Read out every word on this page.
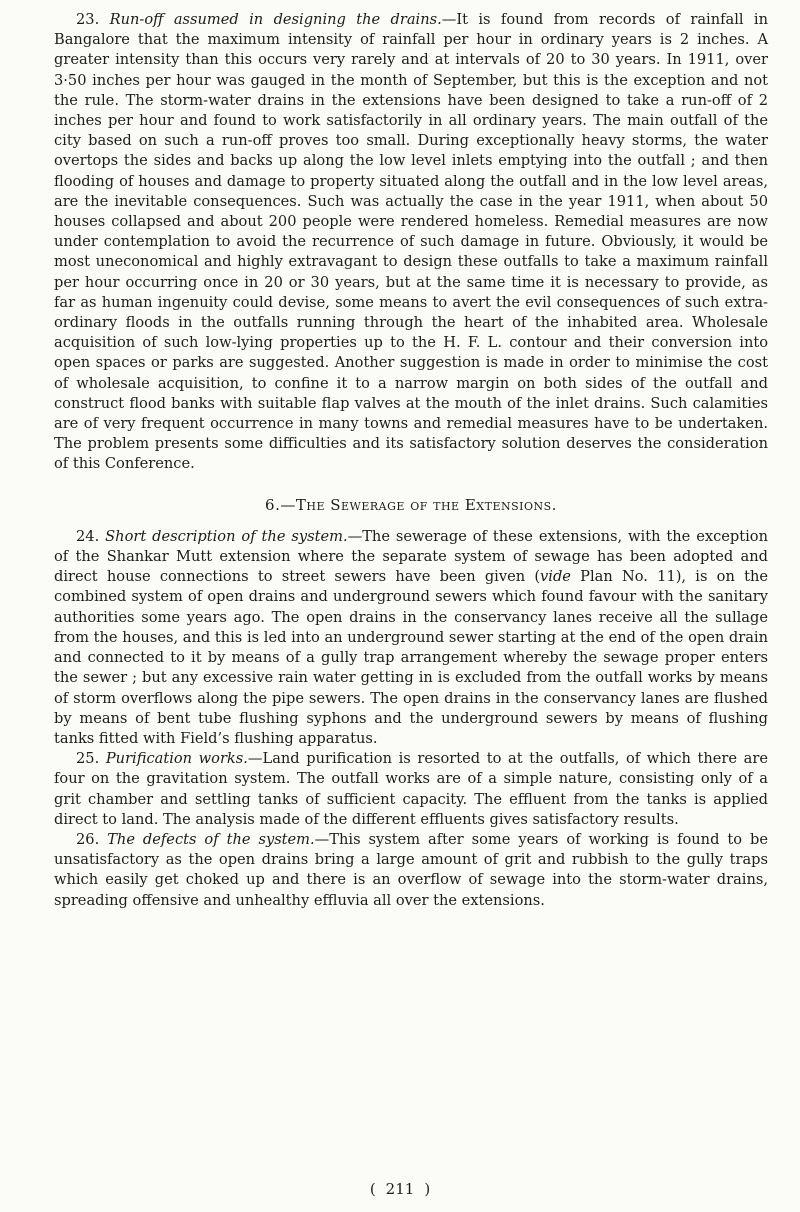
23. Run-off assumed in designing the drains.—It is found from records of rainfall in Bangalore that the maximum intensity of rainfall per hour in ordinary years is 2 inches. A greater intensity than this occurs very rarely and at intervals of 20 to 30 years. In 1911, over 3·50 inches per hour was gauged in the month of September, but this is the exception and not the rule. The storm-water drains in the extensions have been designed to take a run-off of 2 inches per hour and found to work satisfactorily in all ordinary years. The main outfall of the city based on such a run-off proves too small. During exceptionally heavy storms, the water overtops the sides and backs up along the low level inlets emptying into the outfall ; and then flooding of houses and damage to property situated along the outfall and in the low level areas, are the inevitable consequences. Such was actually the case in the year 1911, when about 50 houses collapsed and about 200 people were rendered homeless. Remedial measures are now under contemplation to avoid the recurrence of such damage in future. Obviously, it would be most uneconomical and highly extravagant to design these outfalls to take a maximum rainfall per hour occurring once in 20 or 30 years, but at the same time it is necessary to provide, as far as human ingenuity could devise, some means to avert the evil consequences of such extra-ordinary floods in the outfalls running through the heart of the inhabited area. Wholesale acquisition of such low-lying properties up to the H. F. L. contour and their conversion into open spaces or parks are suggested. Another suggestion is made in order to minimise the cost of wholesale acquisition, to confine it to a narrow margin on both sides of the outfall and construct flood banks with suitable flap valves at the mouth of the inlet drains. Such calamities are of very frequent occurrence in many towns and remedial measures have to be undertaken. The problem presents some difficulties and its satisfactory solution deserves the consideration of this Conference.

6.—The Sewerage of the Extensions.

24. Short description of the system.—The sewerage of these extensions, with the exception of the Shankar Mutt extension where the separate system of sewage has been adopted and direct house connections to street sewers have been given (vide Plan No. 11), is on the combined system of open drains and underground sewers which found favour with the sanitary authorities some years ago. The open drains in the conservancy lanes receive all the sullage from the houses, and this is led into an underground sewer starting at the end of the open drain and connected to it by means of a gully trap arrangement whereby the sewage proper enters the sewer ; but any excessive rain water getting in is excluded from the outfall works by means of storm overflows along the pipe sewers. The open drains in the conservancy lanes are flushed by means of bent tube flushing syphons and the underground sewers by means of flushing tanks fitted with Field’s flushing apparatus.

25. Purification works.—Land purification is resorted to at the outfalls, of which there are four on the gravitation system. The outfall works are of a simple nature, consisting only of a grit chamber and settling tanks of sufficient capacity. The effluent from the tanks is applied direct to land. The analysis made of the different effluents gives satisfactory results.

26. The defects of the system.—This system after some years of working is found to be unsatisfactory as the open drains bring a large amount of grit and rubbish to the gully traps which easily get choked up and there is an overflow of sewage into the storm-water drains, spreading offensive and unhealthy effluvia all over the extensions.

( 211 )
